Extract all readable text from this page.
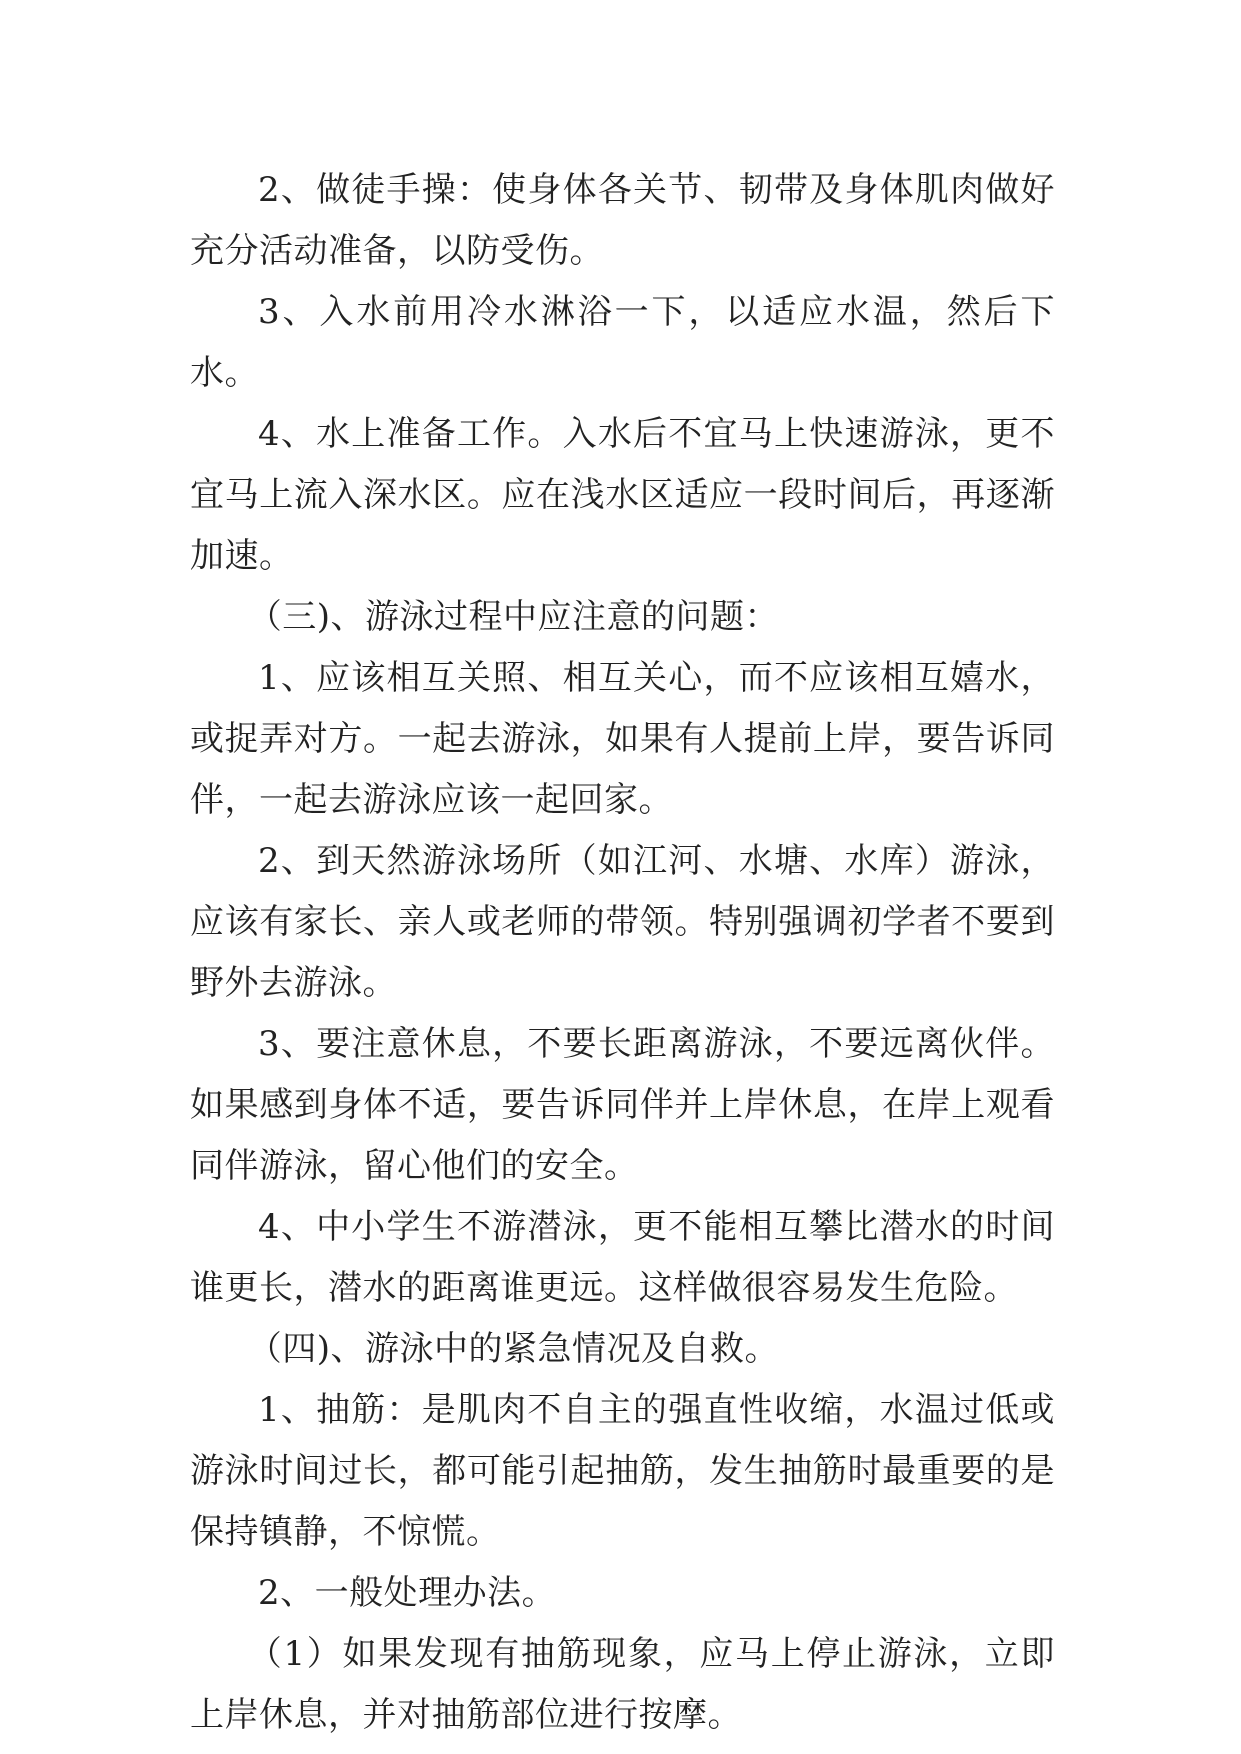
2、做徒手操：使身体各关节、韧带及身体肌肉做好充分活动准备，以防受伤。

3、入水前用冷水淋浴一下，以适应水温，然后下水。

4、水上准备工作。入水后不宜马上快速游泳，更不宜马上流入深水区。应在浅水区适应一段时间后，再逐渐加速。

（三)、游泳过程中应注意的问题：

1、应该相互关照、相互关心，而不应该相互嬉水，或捉弄对方。一起去游泳，如果有人提前上岸，要告诉同伴，一起去游泳应该一起回家。

2、到天然游泳场所（如江河、水塘、水库）游泳，应该有家长、亲人或老师的带领。特别强调初学者不要到野外去游泳。

3、要注意休息，不要长距离游泳，不要远离伙伴。如果感到身体不适，要告诉同伴并上岸休息，在岸上观看同伴游泳，留心他们的安全。

4、中小学生不游潜泳，更不能相互攀比潜水的时间谁更长，潜水的距离谁更远。这样做很容易发生危险。

（四)、游泳中的紧急情况及自救。

1、抽筋：是肌肉不自主的强直性收缩，水温过低或游泳时间过长，都可能引起抽筋，发生抽筋时最重要的是保持镇静，不惊慌。

2、一般处理办法。

（1）如果发现有抽筋现象，应马上停止游泳，立即上岸休息，并对抽筋部位进行按摩。
